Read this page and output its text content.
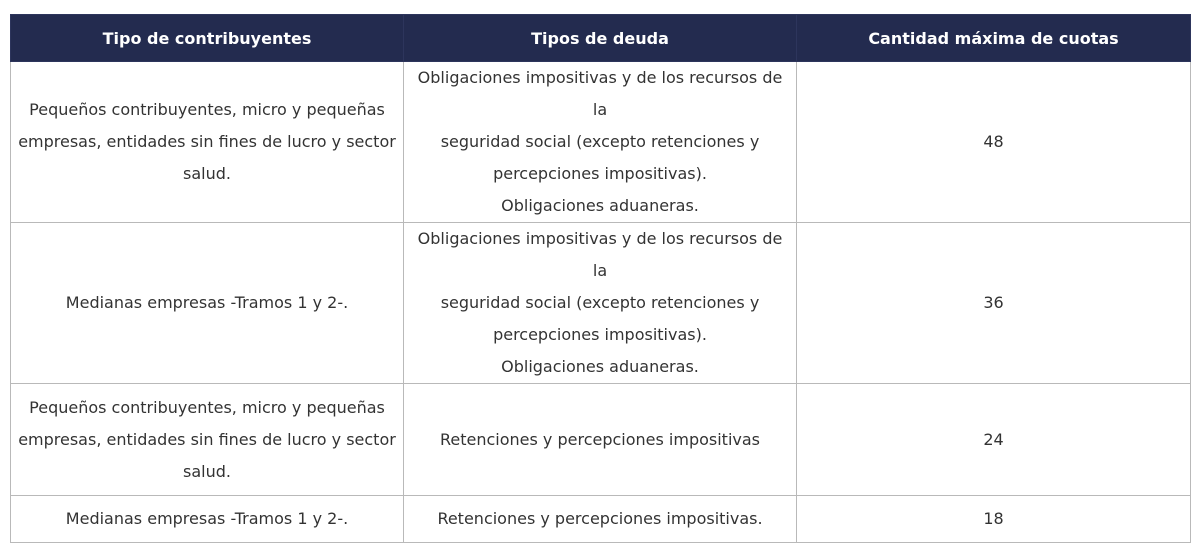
Tipo de contribuyentes	Tipos de deuda	Cantidad máxima de cuotas

Pequeños contribuyentes, micro y pequeñas
empresas, entidades sin fines de lucro y sector
salud.	Obligaciones impositivas y de los recursos de la
seguridad social (excepto retenciones y
percepciones impositivas).
Obligaciones aduaneras.	48

Medianas empresas -Tramos 1 y 2-.	Obligaciones impositivas y de los recursos de la
seguridad social (excepto retenciones y
percepciones impositivas).
Obligaciones aduaneras.	36

Pequeños contribuyentes, micro y pequeñas
empresas, entidades sin fines de lucro y sector
salud.	Retenciones y percepciones impositivas	24

Medianas empresas -Tramos 1 y 2-.	Retenciones y percepciones impositivas.	18
